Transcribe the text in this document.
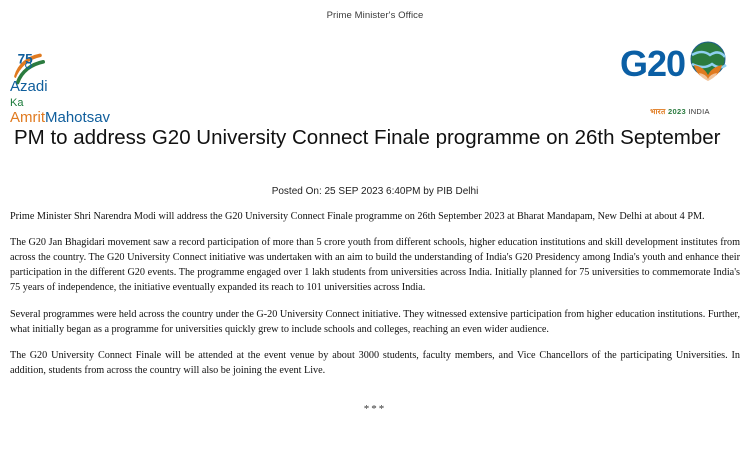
Prime Minister's Office
75
Azadi
Ka
AmritMahotsav
G20
भारत 2023 INDIA
PM to address G20 University Connect Finale programme on 26th September
Posted On: 25 SEP 2023 6:40PM by PIB Delhi

Prime Minister Shri Narendra Modi will address the G20 University Connect Finale programme on 26th September 2023 at Bharat Mandapam, New Delhi at about 4 PM.

The G20 Jan Bhagidari movement saw a record participation of more than 5 crore youth from different schools, higher education institutions and skill development institutes from across the country. The G20 University Connect initiative was undertaken with an aim to build the understanding of India's G20 Presidency among India's youth and enhance their participation in the different G20 events. The programme engaged over 1 lakh students from universities across India. Initially planned for 75 universities to commemorate India's 75 years of independence, the initiative eventually expanded its reach to 101 universities across India.

Several programmes were held across the country under the G-20 University Connect initiative. They witnessed extensive participation from higher education institutions. Further, what initially began as a programme for universities quickly grew to include schools and colleges, reaching an even wider audience.

The G20 University Connect Finale will be attended at the event venue by about 3000 students, faculty members, and Vice Chancellors of the participating Universities. In addition, students from across the country will also be joining the event Live.

***
